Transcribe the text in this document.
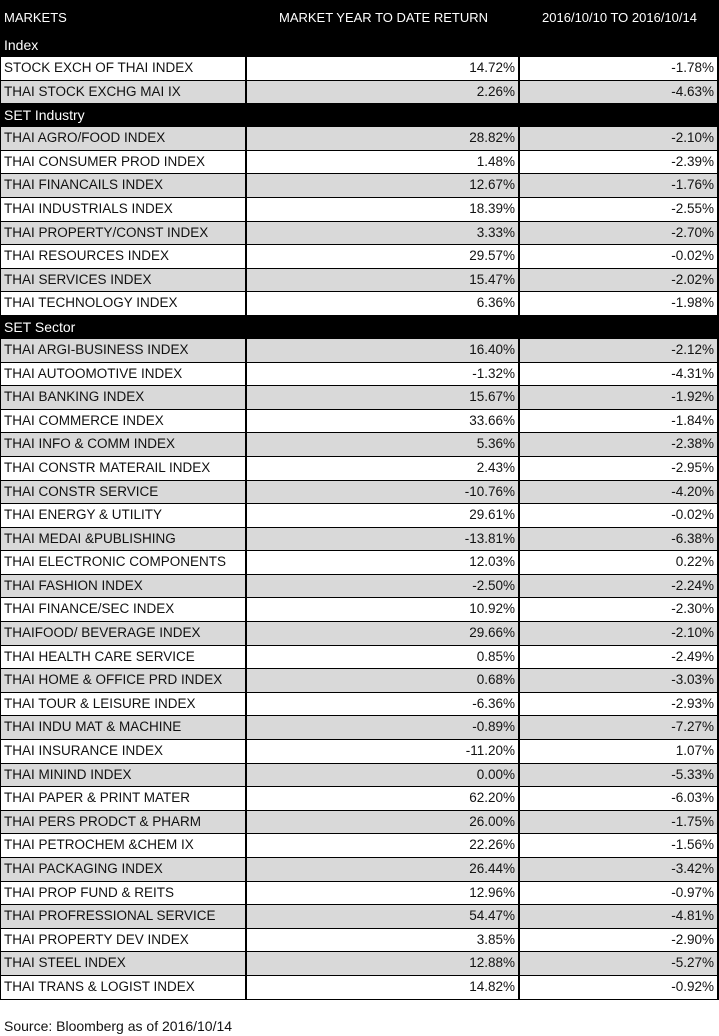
MARKETS	MARKET YEAR TO DATE RETURN	2016/10/10 TO 2016/10/14
Index
STOCK EXCH OF THAI INDEX	14.72%	-1.78%
THAI STOCK EXCHG MAI IX	2.26%	-4.63%
SET Industry
THAI AGRO/FOOD INDEX	28.82%	-2.10%
THAI CONSUMER PROD INDEX	1.48%	-2.39%
THAI FINANCAILS INDEX	12.67%	-1.76%
THAI INDUSTRIALS INDEX	18.39%	-2.55%
THAI PROPERTY/CONST INDEX	3.33%	-2.70%
THAI RESOURCES INDEX	29.57%	-0.02%
THAI SERVICES INDEX	15.47%	-2.02%
THAI TECHNOLOGY INDEX	6.36%	-1.98%
SET Sector
THAI ARGI-BUSINESS INDEX	16.40%	-2.12%
THAI AUTOOMOTIVE INDEX	-1.32%	-4.31%
THAI BANKING INDEX	15.67%	-1.92%
THAI COMMERCE INDEX	33.66%	-1.84%
THAI INFO & COMM INDEX	5.36%	-2.38%
THAI CONSTR MATERAIL INDEX	2.43%	-2.95%
THAI CONSTR SERVICE	-10.76%	-4.20%
THAI ENERGY & UTILITY	29.61%	-0.02%
THAI MEDAI &PUBLISHING	-13.81%	-6.38%
THAI ELECTRONIC COMPONENTS	12.03%	0.22%
THAI FASHION INDEX	-2.50%	-2.24%
THAI FINANCE/SEC INDEX	10.92%	-2.30%
THAIFOOD/ BEVERAGE INDEX	29.66%	-2.10%
THAI HEALTH CARE SERVICE	0.85%	-2.49%
THAI HOME & OFFICE PRD INDEX	0.68%	-3.03%
THAI TOUR & LEISURE INDEX	-6.36%	-2.93%
THAI INDU MAT & MACHINE	-0.89%	-7.27%
THAI INSURANCE INDEX	-11.20%	1.07%
THAI MININD INDEX	0.00%	-5.33%
THAI PAPER & PRINT MATER	62.20%	-6.03%
THAI PERS PRODCT & PHARM	26.00%	-1.75%
THAI PETROCHEM &CHEM IX	22.26%	-1.56%
THAI PACKAGING INDEX	26.44%	-3.42%
THAI PROP FUND & REITS	12.96%	-0.97%
THAI PROFRESSIONAL SERVICE	54.47%	-4.81%
THAI PROPERTY DEV INDEX	3.85%	-2.90%
THAI STEEL INDEX	12.88%	-5.27%
THAI TRANS & LOGIST INDEX	14.82%	-0.92%
Source: Bloomberg as of 2016/10/14
